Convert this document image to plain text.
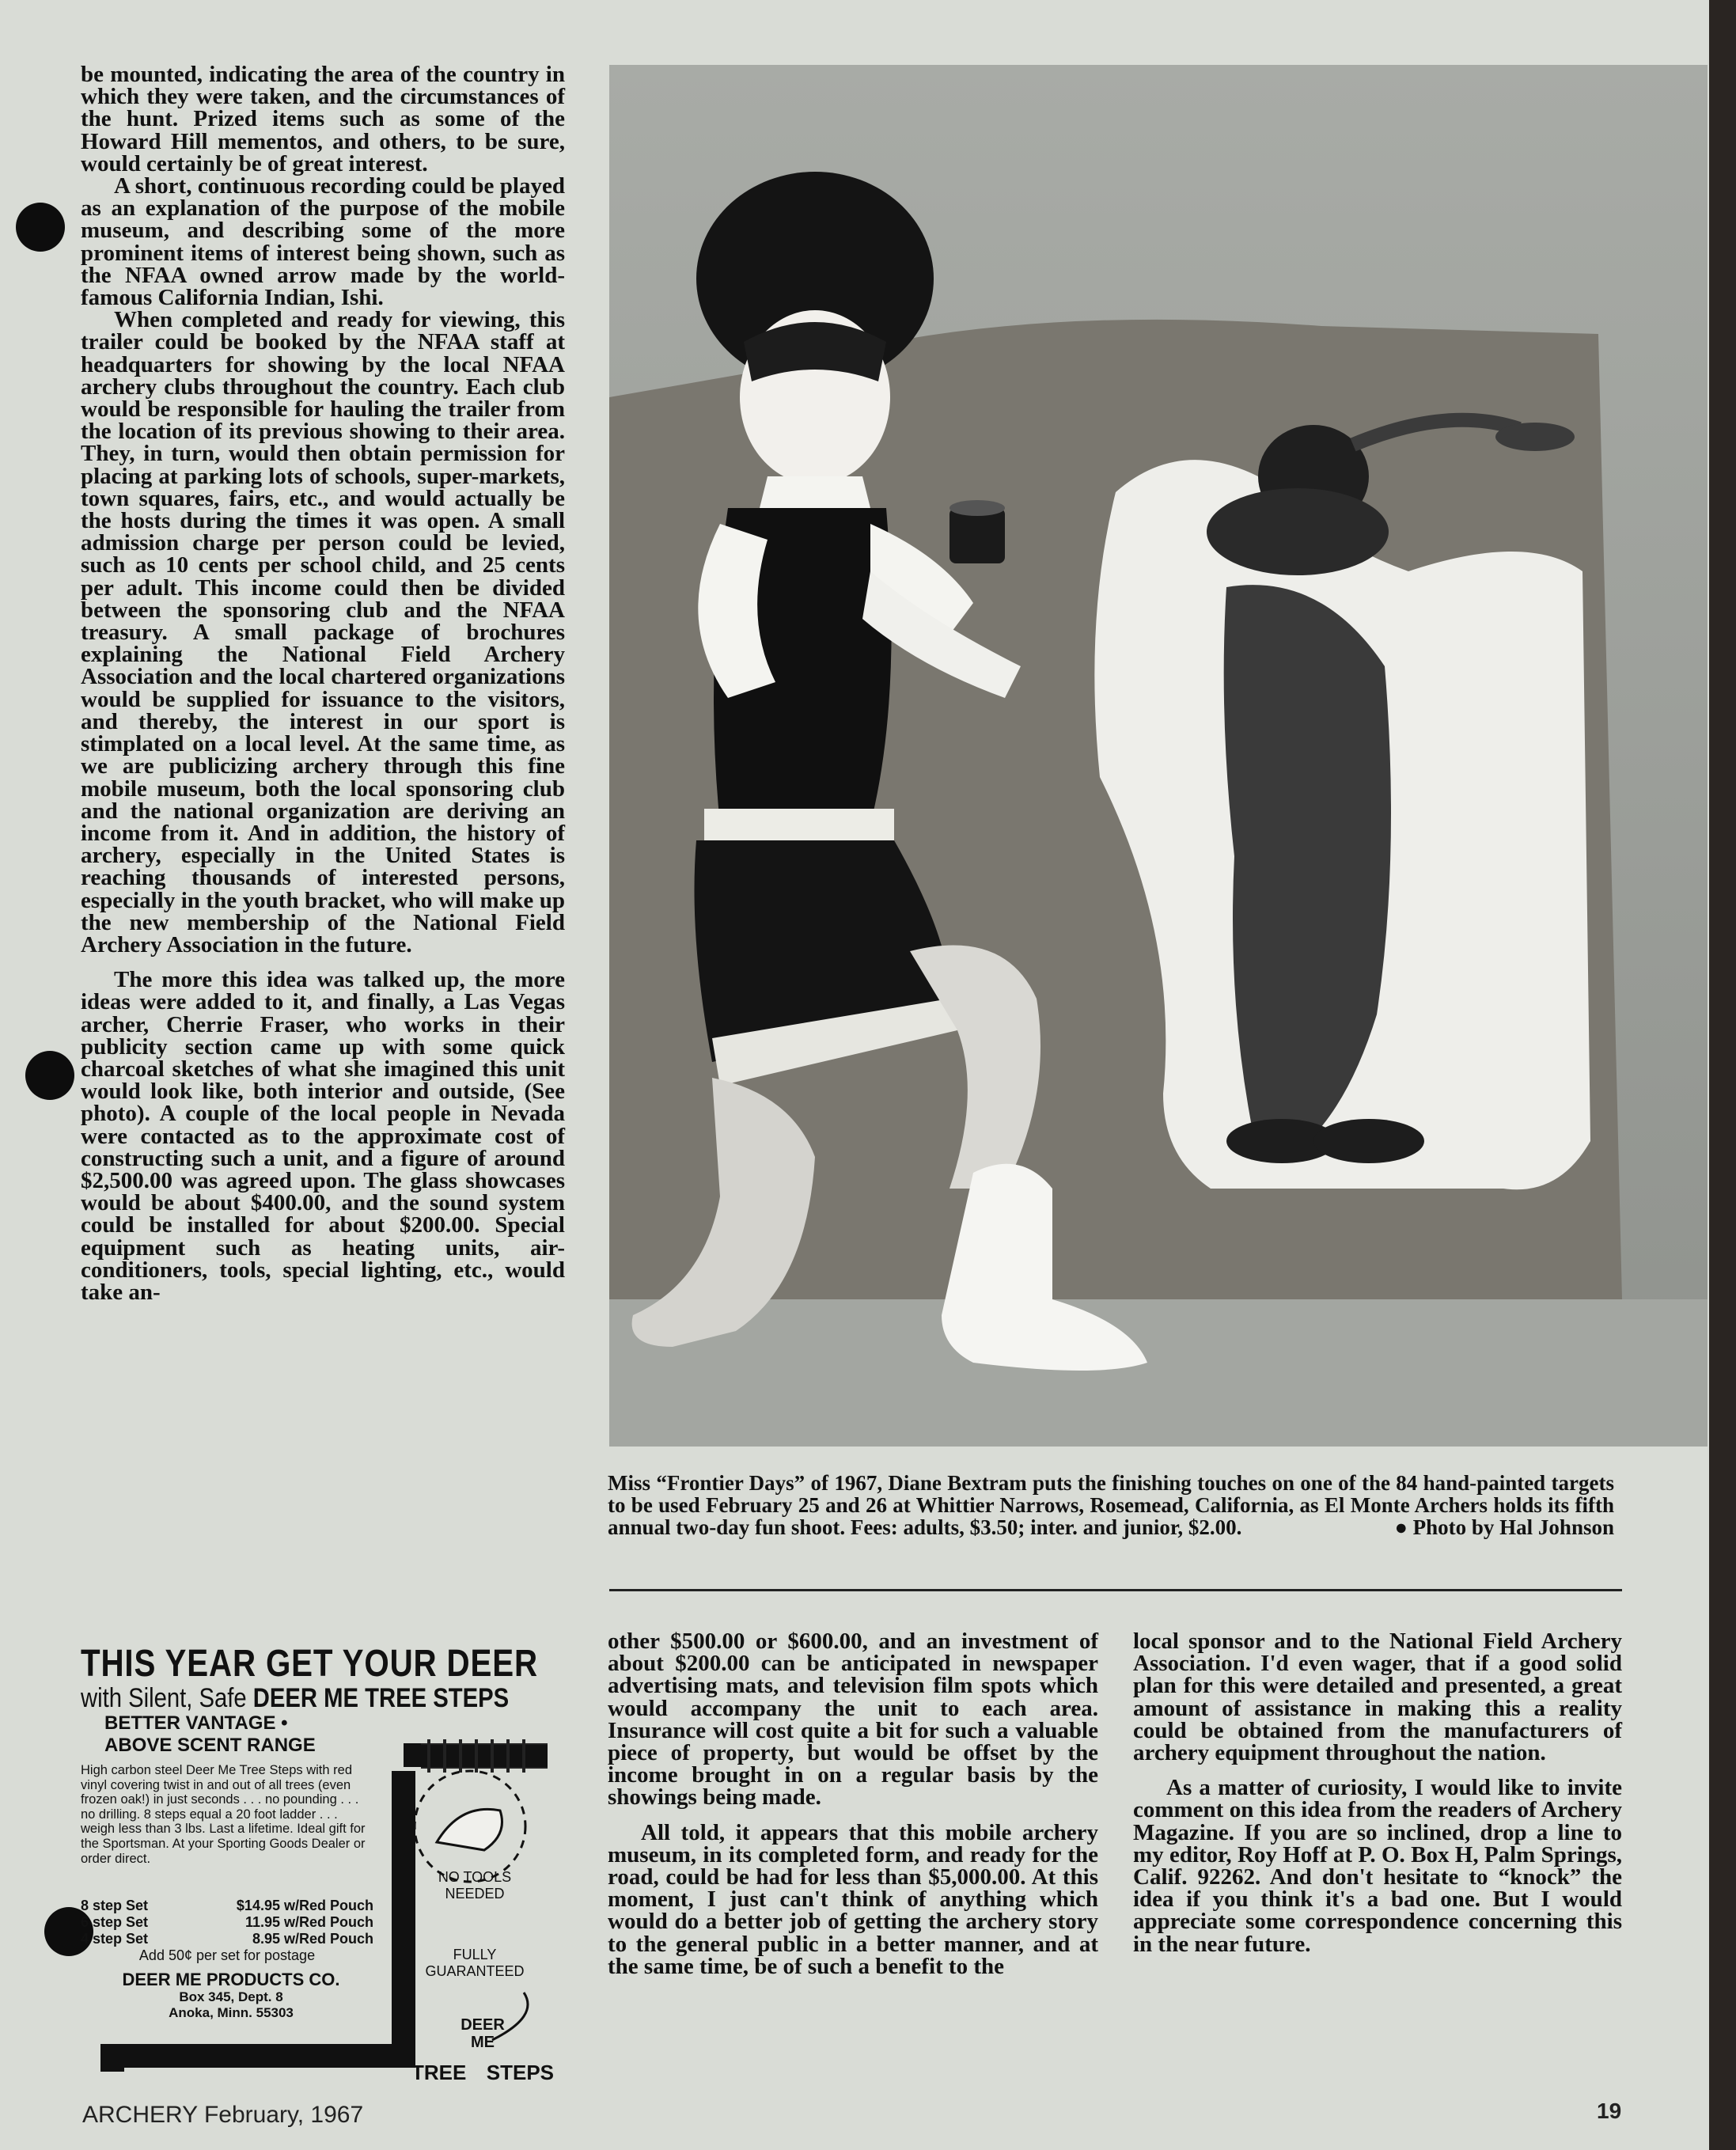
be mounted, indicating the area of the country in which they were taken, and the circumstances of the hunt. Prized items such as some of the Howard Hill mementos, and others, to be sure, would certainly be of great interest.

A short, continuous recording could be played as an explanation of the purpose of the mobile museum, and describing some of the more prominent items of interest being shown, such as the NFAA owned arrow made by the world-famous California Indian, Ishi.

When completed and ready for viewing, this trailer could be booked by the NFAA staff at headquarters for showing by the local NFAA archery clubs throughout the country. Each club would be responsible for hauling the trailer from the location of its previous showing to their area. They, in turn, would then obtain permission for placing at parking lots of schools, super-markets, town squares, fairs, etc., and would actually be the hosts during the times it was open. A small admission charge per person could be levied, such as 10 cents per school child, and 25 cents per adult. This income could then be divided between the sponsoring club and the NFAA treasury. A small package of brochures explaining the National Field Archery Association and the local chartered organizations would be supplied for issuance to the visitors, and thereby, the interest in our sport is stimplated on a local level. At the same time, as we are publicizing archery through this fine mobile museum, both the local sponsoring club and the national organization are deriving an income from it. And in addition, the history of archery, especially in the United States is reaching thousands of interested persons, especially in the youth bracket, who will make up the new membership of the National Field Archery Association in the future.

The more this idea was talked up, the more ideas were added to it, and finally, a Las Vegas archer, Cherrie Fraser, who works in their publicity section came up with some quick charcoal sketches of what she imagined this unit would look like, both interior and outside, (See photo). A couple of the local people in Nevada were contacted as to the approximate cost of constructing such a unit, and a figure of around $2,500.00 was agreed upon. The glass showcases would be about $400.00, and the sound system could be installed for about $200.00. Special equipment such as heating units, air-conditioners, tools, special lighting, etc., would take an-

Miss “Frontier Days” of 1967, Diane Bextram puts the finishing touches on one of the 84 hand-painted targets to be used February 25 and 26 at Whittier Narrows, Rosemead, California, as El Monte Archers holds its fifth annual two-day fun shoot. Fees: adults, $3.50; inter. and junior, $2.00.	● Photo by Hal Johnson

other $500.00 or $600.00, and an investment of about $200.00 can be anticipated in newspaper advertising mats, and television film spots which would accompany the unit to each area. Insurance will cost quite a bit for such a valuable piece of property, but would be offset by the income brought in on a regular basis by the showings being made.

All told, it appears that this mobile archery museum, in its completed form, and ready for the road, could be had for less than $5,000.00. At this moment, I just can't think of anything which would do a better job of getting the archery story to the general public in a better manner, and at the same time, be of such a benefit to the

local sponsor and to the National Field Archery Association. I'd even wager, that if a good solid plan for this were detailed and presented, a great amount of assistance in making this a reality could be obtained from the manufacturers of archery equipment throughout the nation.

As a matter of curiosity, I would like to invite comment on this idea from the readers of Archery Magazine. If you are so inclined, drop a line to my editor, Roy Hoff at P. O. Box H, Palm Springs, Calif. 92262. And don't hesitate to “knock” the idea if you think it's a bad one. But I would appreciate some correspondence concerning this in the near future.

THIS YEAR GET YOUR DEER
with Silent, Safe DEER ME TREE STEPS
BETTER VANTAGE •
ABOVE SCENT RANGE
High carbon steel Deer Me Tree Steps with red vinyl covering twist in and out of all trees (even frozen oak!) in just seconds . . . no pounding . . . no drilling. 8 steps equal a 20 foot ladder . . . weigh less than 3 lbs. Last a lifetime. Ideal gift for the Sportsman. At your Sporting Goods Dealer or order direct.
8 step Set	$14.95 w/Red Pouch
6 step Set	11.95 w/Red Pouch
4 step Set	8.95 w/Red Pouch
Add 50¢ per set for postage
DEER ME PRODUCTS CO.
Box 345, Dept. 8
Anoka, Minn. 55303
NO TOOLS NEEDED
FULLY GUARANTEED
DEER
ME
TREE STEPS
ARCHERY February, 1967	19
